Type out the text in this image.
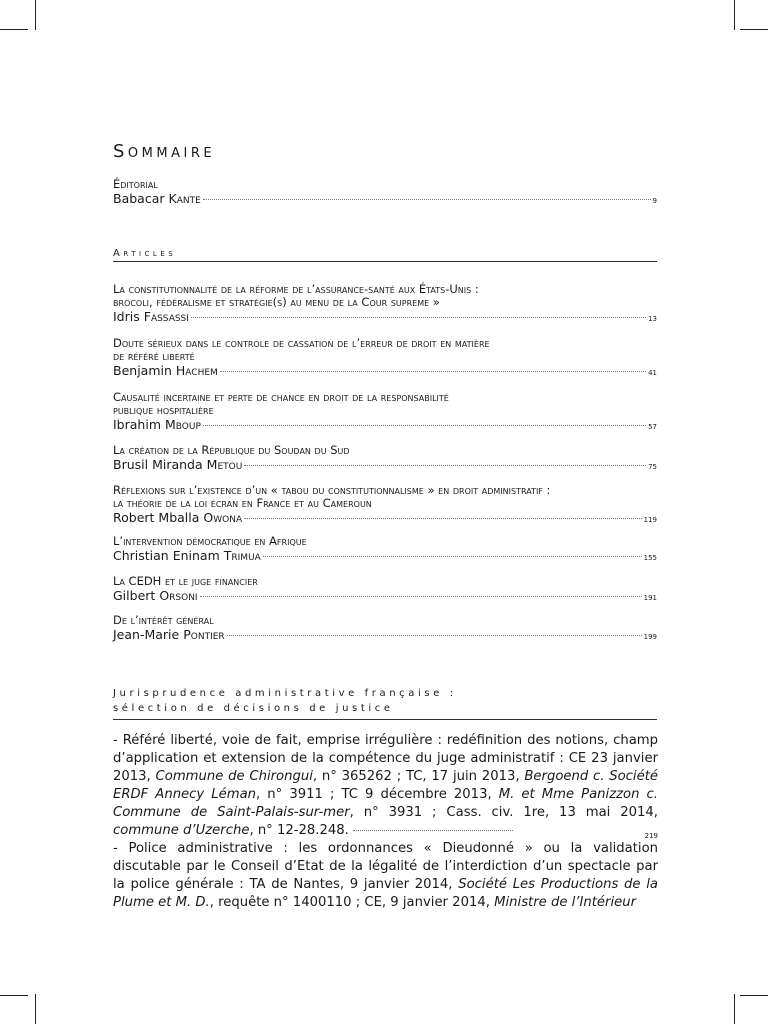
Sommaire
Éditorial
Babacar Kante	9
Articles
La constitutionnalité de la réforme de l’assurance-santé aux États-Unis :
brocoli, fédéralisme et stratégie(s) au menu de la Cour supreme »
Idris Fassassi	13
Doute sérieux dans le controle de cassation de l’erreur de droit en matière
de référé liberté
Benjamin Hachem	41
Causalité incertaine et perte de chance en droit de la responsabilité
publique hospitalière
Ibrahim Mboup	57
La création de la République du Soudan du Sud
Brusil Miranda Metou	75
Réflexions sur l’existence d’un « tabou du constitutionnalisme » en droit administratif :
la théorie de la loi écran en France et au Cameroun
Robert Mballa Owona	119
L’intervention démocratique en Afrique
Christian Eninam Trimua	155
La CEDH et le juge financier
Gilbert Orsoni	191
De l’intérêt général
Jean-Marie Pontier	199
Jurisprudence administrative française :
sélection de décisions de justice
- Référé liberté, voie de fait, emprise irrégulière : redéfinition des notions, champ d’application et extension de la compétence du juge administratif : CE 23 janvier 2013, Commune de Chirongui, n° 365262 ; TC, 17 juin 2013, Bergoend c. Société ERDF Annecy Léman, n° 3911 ; TC 9 décembre 2013, M. et Mme Panizzon c. Commune de Saint-Palais-sur-mer, n° 3931 ; Cass. civ. 1re, 13 mai 2014, commune d’Uzerche, n° 12-28.248.	219
- Police administrative : les ordonnances « Dieudonné » ou la validation discutable par le Conseil d’Etat de la légalité de l’interdiction d’un spectacle par la police générale : TA de Nantes, 9 janvier 2014, Société Les Productions de la Plume et M. D., requête n° 1400110 ; CE, 9 janvier 2014, Ministre de l’Intérieur
